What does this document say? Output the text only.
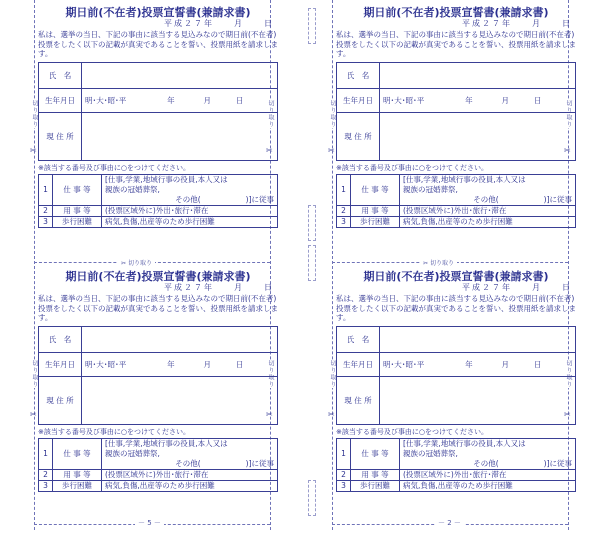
切り取り	切り取り	切り取り	切り取り
切り取り	切り取り	切り取り	切り取り
✂	✂	✂	✂
✂	✂	✂	✂
✂ 切り取り	✂ 切り取り
－ 5 －	－ 2 －
期日前(不在者)投票宣誓書(兼請求書)
平成２７年　　月　　日

私は、選挙の当日、下記の事由に該当する見込みなので期日前(不在者)投票をしたく以下の記載が真実であることを誓い、投票用紙を請求します。

氏　名	
生年月日	明･大･昭･平 年 月 日
現 住 所	
※該当する番号及び事由に○をつけてください。
1	仕 事 等	[仕事,学業,地域行事の役員,本人又は
親族の冠婚葬祭,
その他(　　　　　　)]に従事

2	用 事 等	(投票区域外に)外出･旅行･滞在
3	歩行困難	病気,負傷,出産等のため歩行困難
期日前(不在者)投票宣誓書(兼請求書)
平成２７年　　月　　日

私は、選挙の当日、下記の事由に該当する見込みなので期日前(不在者)投票をしたく以下の記載が真実であることを誓い、投票用紙を請求します。

氏　名	
生年月日	明･大･昭･平 年 月 日
現 住 所	
※該当する番号及び事由に○をつけてください。
1	仕 事 等	[仕事,学業,地域行事の役員,本人又は
親族の冠婚葬祭,
その他(　　　　　　)]に従事

2	用 事 等	(投票区域外に)外出･旅行･滞在
3	歩行困難	病気,負傷,出産等のため歩行困難
期日前(不在者)投票宣誓書(兼請求書)
平成２７年　　月　　日

私は、選挙の当日、下記の事由に該当する見込みなので期日前(不在者)投票をしたく以下の記載が真実であることを誓い、投票用紙を請求します。

氏　名	
生年月日	明･大･昭･平 年 月 日
現 住 所	
※該当する番号及び事由に○をつけてください。
1	仕 事 等	[仕事,学業,地域行事の役員,本人又は
親族の冠婚葬祭,
その他(　　　　　　)]に従事

2	用 事 等	(投票区域外に)外出･旅行･滞在
3	歩行困難	病気,負傷,出産等のため歩行困難
期日前(不在者)投票宣誓書(兼請求書)
平成２７年　　月　　日

私は、選挙の当日、下記の事由に該当する見込みなので期日前(不在者)投票をしたく以下の記載が真実であることを誓い、投票用紙を請求します。

氏　名	
生年月日	明･大･昭･平 年 月 日
現 住 所	
※該当する番号及び事由に○をつけてください。
1	仕 事 等	[仕事,学業,地域行事の役員,本人又は
親族の冠婚葬祭,
その他(　　　　　　)]に従事

2	用 事 等	(投票区域外に)外出･旅行･滞在
3	歩行困難	病気,負傷,出産等のため歩行困難
